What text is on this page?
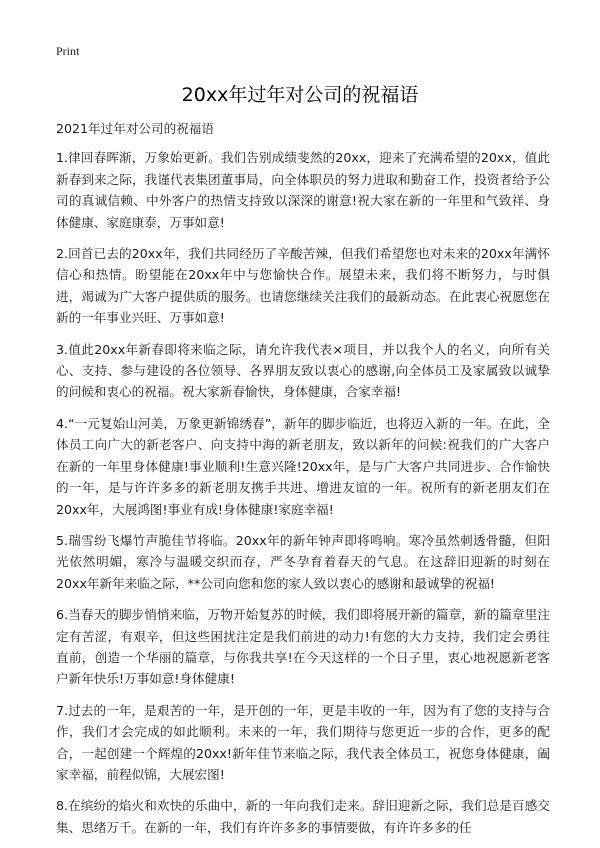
Print
20xx年过年对公司的祝福语

2021年过年对公司的祝福语

1.律回春晖渐，万象始更新。我们告别成绩斐然的20xx，迎来了充满希望的20xx，值此新春到来之际，我谨代表集团董事局，向全体职员的努力进取和勤奋工作，投资者给予公司的真诚信赖、中外客户的热情支持致以深深的谢意!祝大家在新的一年里和气致祥、身体健康、家庭康泰，万事如意!

2.回首已去的20xx年，我们共同经历了辛酸苦辣，但我们希望您也对未来的20xx年满怀信心和热情。盼望能在20xx年中与您愉快合作。展望未来，我们将不断努力，与时俱进，竭诚为广大客户提供质的服务。也请您继续关注我们的最新动态。在此衷心祝愿您在新的一年事业兴旺、万事如意!

3.值此20xx年新春即将来临之际，请允许我代表×项目，并以我个人的名义，向所有关心、支持、参与建设的各位领导、各界朋友致以衷心的感谢,向全体员工及家属致以诚挚的问候和衷心的祝福。祝大家新春愉快，身体健康，合家幸福!

4.“一元复始山河美，万象更新锦绣春”，新年的脚步临近，也将迈入新的一年。在此，全体员工向广大的新老客户、向支持中海的新老朋友，致以新年的问候:祝我们的广大客户在新的一年里身体健康!事业顺利!生意兴隆!20xx年，是与广大客户共同进步、合作愉快的一年，是与许许多多的新老朋友携手共进、增进友谊的一年。祝所有的新老朋友们在20xx年，大展鸿图!事业有成!身体健康!家庭幸福!

5.瑞雪纷飞爆竹声脆佳节将临。20xx年的新年钟声即将鸣响。寒冷虽然刺透骨髓，但阳光依然明媚，寒冷与温暖交织而存，严冬孕育着春天的气息。在这辞旧迎新的时刻在20xx年新年来临之际，**公司向您和您的家人致以衷心的感谢和最诚挚的祝福!

6.当春天的脚步悄悄来临，万物开始复苏的时候，我们即将展开新的篇章，新的篇章里注定有苦涩，有艰辛，但这些困扰注定是我们前进的动力!有您的大力支持，我们定会勇往直前，创造一个华丽的篇章，与你我共享!在今天这样的一个日子里，衷心地祝愿新老客户新年快乐!万事如意!身体健康!

7.过去的一年，是艰苦的一年，是开创的一年，更是丰收的一年，因为有了您的支持与合作，我们才会完成的如此顺利。未来的一年，我们期待与您更近一步的合作，更多的配合，一起创建一个辉煌的20xx!新年佳节来临之际，我代表全体员工，祝您身体健康，阖家幸福，前程似锦，大展宏图!

8.在缤纷的焰火和欢快的乐曲中，新的一年向我们走来。辞旧迎新之际，我们总是百感交集、思绪万千。在新的一年，我们有许许多多的事情要做，有许许多多的任
